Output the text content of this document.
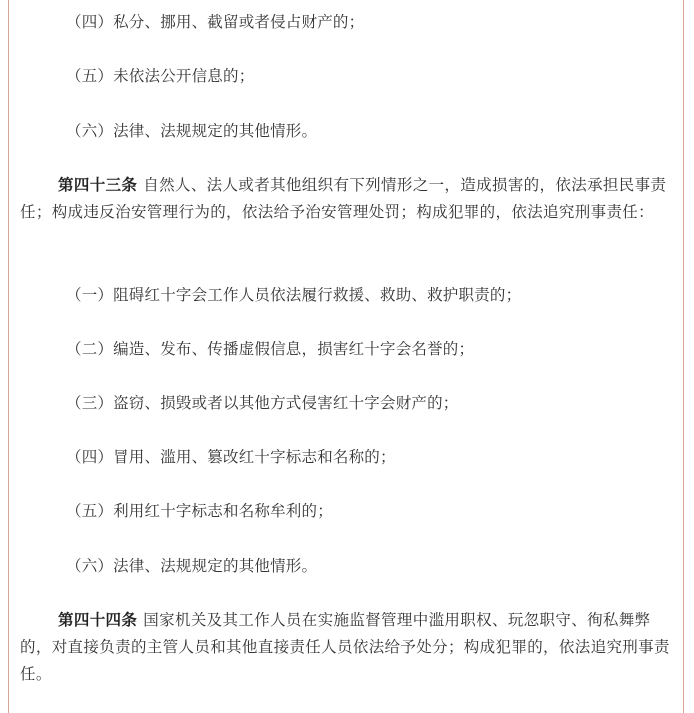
（四）私分、挪用、截留或者侵占财产的；
（五）未依法公开信息的；
（六）法律、法规规定的其他情形。
第四十三条 自然人、法人或者其他组织有下列情形之一，造成损害的，依法承担民事责任；构成违反治安管理行为的，依法给予治安管理处罚；构成犯罪的，依法追究刑事责任：
（一）阻碍红十字会工作人员依法履行救援、救助、救护职责的；
（二）编造、发布、传播虚假信息，损害红十字会名誉的；
（三）盗窃、损毁或者以其他方式侵害红十字会财产的；
（四）冒用、滥用、篡改红十字标志和名称的；
（五）利用红十字标志和名称牟利的；
（六）法律、法规规定的其他情形。
第四十四条 国家机关及其工作人员在实施监督管理中滥用职权、玩忽职守、徇私舞弊的，对直接负责的主管人员和其他直接责任人员依法给予处分；构成犯罪的，依法追究刑事责任。
